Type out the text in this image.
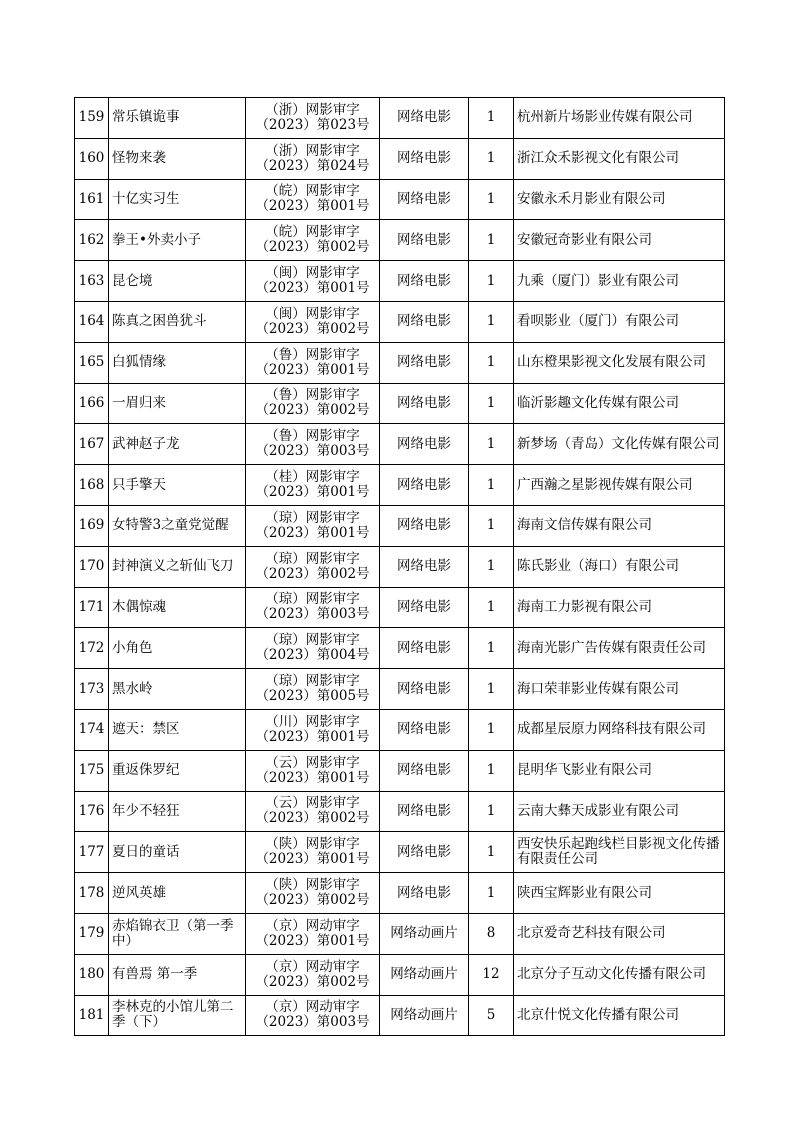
159	常乐镇诡事	（浙）网影审字
（2023）第023号	网络电影	1	杭州新片场影业传媒有限公司
160	怪物来袭	（浙）网影审字
（2023）第024号	网络电影	1	浙江众禾影视文化有限公司
161	十亿实习生	（皖）网影审字
（2023）第001号	网络电影	1	安徽永禾月影业有限公司
162	拳王•外卖小子	（皖）网影审字
（2023）第002号	网络电影	1	安徽冠奇影业有限公司
163	昆仑境	（闽）网影审字
（2023）第001号	网络电影	1	九乘（厦门）影业有限公司
164	陈真之困兽犹斗	（闽）网影审字
（2023）第002号	网络电影	1	看呗影业（厦门）有限公司
165	白狐情缘	（鲁）网影审字
（2023）第001号	网络电影	1	山东橙果影视文化发展有限公司
166	一眉归来	（鲁）网影审字
（2023）第002号	网络电影	1	临沂影趣文化传媒有限公司
167	武神赵子龙	（鲁）网影审字
（2023）第003号	网络电影	1	新梦场（青岛）文化传媒有限公司
168	只手擎天	（桂）网影审字
（2023）第001号	网络电影	1	广西瀚之星影视传媒有限公司
169	女特警3之童党觉醒	（琼）网影审字
（2023）第001号	网络电影	1	海南文信传媒有限公司
170	封神演义之斩仙飞刀	（琼）网影审字
（2023）第002号	网络电影	1	陈氏影业（海口）有限公司
171	木偶惊魂	（琼）网影审字
（2023）第003号	网络电影	1	海南工力影视有限公司
172	小角色	（琼）网影审字
（2023）第004号	网络电影	1	海南光影广告传媒有限责任公司
173	黑水岭	（琼）网影审字
（2023）第005号	网络电影	1	海口荣菲影业传媒有限公司
174	遮天：禁区	（川）网影审字
（2023）第001号	网络电影	1	成都星辰原力网络科技有限公司
175	重返侏罗纪	（云）网影审字
（2023）第001号	网络电影	1	昆明华飞影业有限公司
176	年少不轻狂	（云）网影审字
（2023）第002号	网络电影	1	云南大彝天成影业有限公司
177	夏日的童话	（陕）网影审字
（2023）第001号	网络电影	1	西安快乐起跑线栏目影视文化传播有限责任公司
178	逆风英雄	（陕）网影审字
（2023）第002号	网络电影	1	陕西宝辉影业有限公司
179	赤焰锦衣卫（第一季中）	（京）网动审字
（2023）第001号	网络动画片	8	北京爱奇艺科技有限公司
180	有兽焉 第一季	（京）网动审字
（2023）第002号	网络动画片	12	北京分子互动文化传播有限公司
181	李林克的小馆儿第二季（下）	（京）网动审字
（2023）第003号	网络动画片	5	北京什悦文化传播有限公司
